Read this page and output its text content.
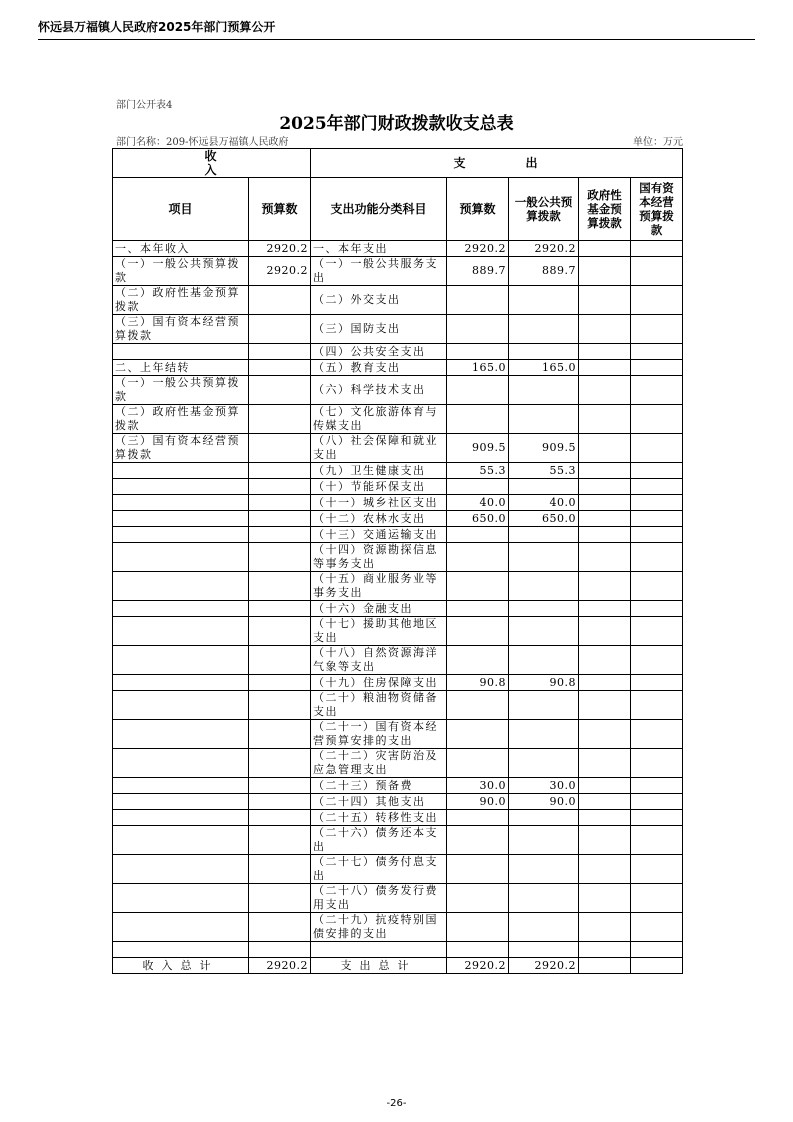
怀远县万福镇人民政府2025年部门预算公开
部门公开表4
2025年部门财政拨款收支总表
部门名称：209-怀远县万福镇人民政府	单位：万元
收入		支出				
项目	预算数	支出功能分类科目	预算数	一般公共预算拨款	政府性基金预算拨款	国有资本经营预算拨款
一、本年收入	2920.2	一、本年支出	2920.2	2920.2		
（一）一般公共预算拨款	2920.2	（一）一般公共服务支出	889.7	889.7		
（二）政府性基金预算拨款		（二）外交支出				
（三）国有资本经营预算拨款		（三）国防支出				
		（四）公共安全支出				
二、上年结转		（五）教育支出	165.0	165.0		
（一）一般公共预算拨款		（六）科学技术支出				
（二）政府性基金预算拨款		（七）文化旅游体育与传媒支出				
（三）国有资本经营预算拨款		（八）社会保障和就业支出	909.5	909.5		
		（九）卫生健康支出	55.3	55.3		
		（十）节能环保支出				
		（十一）城乡社区支出	40.0	40.0		
		（十二）农林水支出	650.0	650.0		
		（十三）交通运输支出				
		（十四）资源勘探信息等事务支出				
		（十五）商业服务业等事务支出				
		（十六）金融支出				
		（十七）援助其他地区支出				
		（十八）自然资源海洋气象等支出				
		（十九）住房保障支出	90.8	90.8		
		（二十）粮油物资储备支出				
		（二十一）国有资本经营预算安排的支出				
		（二十二）灾害防治及应急管理支出				
		（二十三）预备费	30.0	30.0		
		（二十四）其他支出	90.0	90.0		
		（二十五）转移性支出				
		（二十六）债务还本支出				
		（二十七）债务付息支出				
		（二十八）债务发行费用支出				
		（二十九）抗疫特别国债安排的支出				

收入总计	2920.2	支出总计	2920.2	2920.2		
-26-
